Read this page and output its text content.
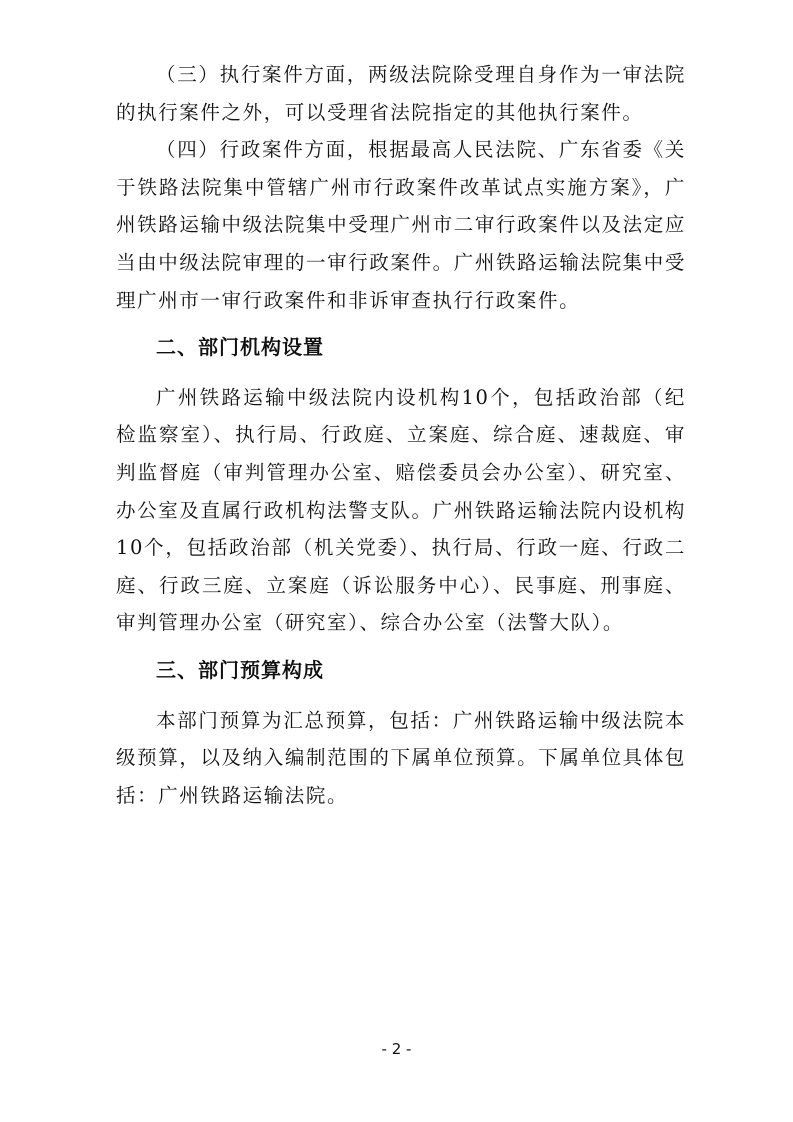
（三）执行案件方面，两级法院除受理自身作为一审法院的执行案件之外，可以受理省法院指定的其他执行案件。

（四）行政案件方面，根据最高人民法院、广东省委《关于铁路法院集中管辖广州市行政案件改革试点实施方案》，广州铁路运输中级法院集中受理广州市二审行政案件以及法定应当由中级法院审理的一审行政案件。广州铁路运输法院集中受理广州市一审行政案件和非诉审查执行行政案件。

二、部门机构设置

广州铁路运输中级法院内设机构10个，包括政治部（纪检监察室）、执行局、行政庭、立案庭、综合庭、速裁庭、审判监督庭（审判管理办公室、赔偿委员会办公室）、研究室、办公室及直属行政机构法警支队。广州铁路运输法院内设机构10个，包括政治部（机关党委）、执行局、行政一庭、行政二庭、行政三庭、立案庭（诉讼服务中心）、民事庭、刑事庭、审判管理办公室（研究室）、综合办公室（法警大队）。

三、部门预算构成

本部门预算为汇总预算，包括：广州铁路运输中级法院本级预算，以及纳入编制范围的下属单位预算。下属单位具体包括：广州铁路运输法院。

- 2 -
